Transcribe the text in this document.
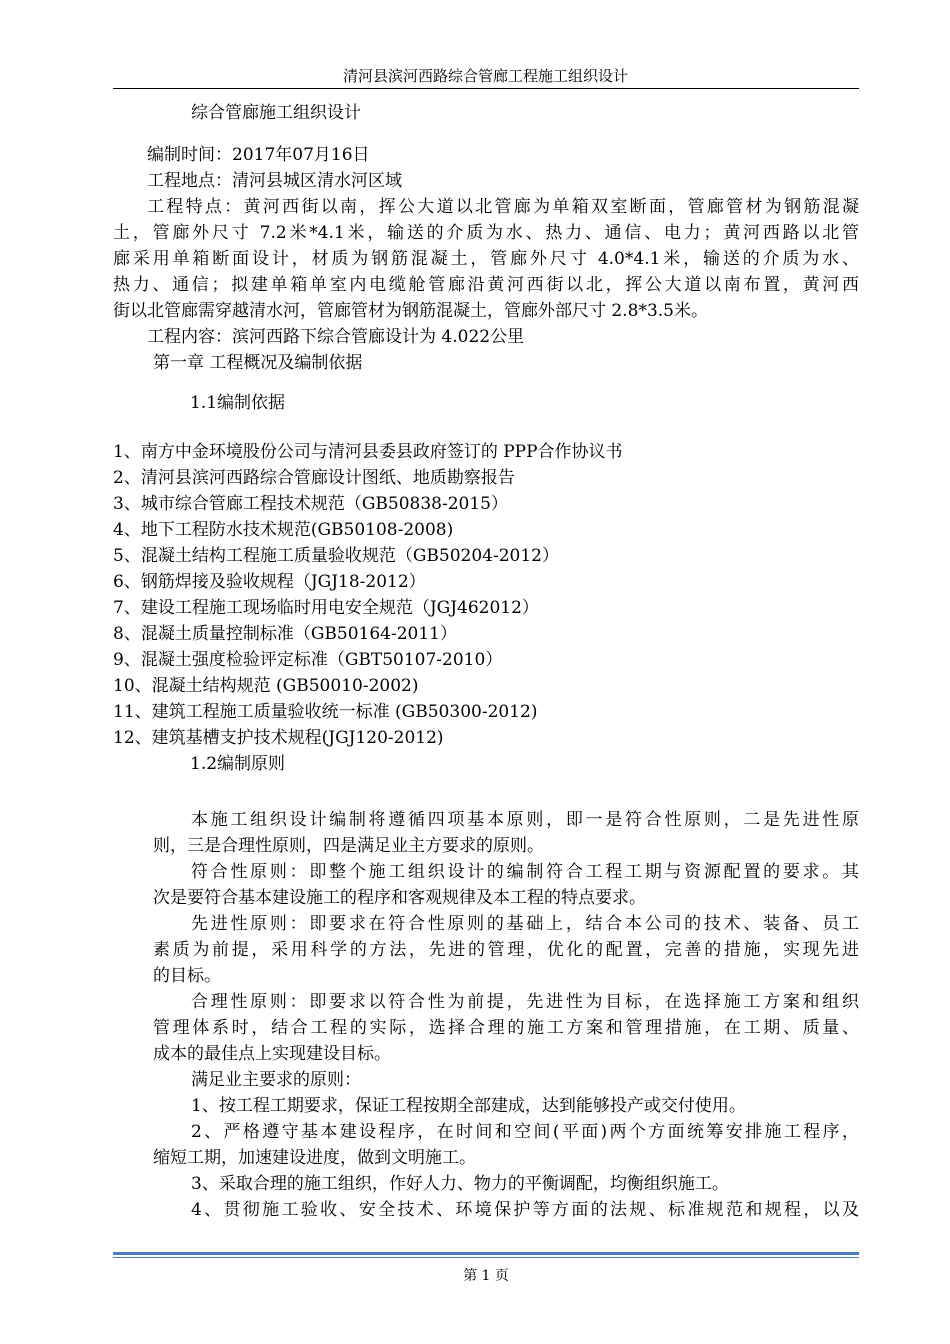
清河县滨河西路综合管廊工程施工组织设计
综合管廊施工组织设计
编制时间：2017年07月16日
工程地点：清河县城区清水河区域
工程特点：黄河西街以南，挥公大道以北管廊为单箱双室断面，管廊管材为钢筋混凝
土，管廊外尺寸 7.2米*4.1米，输送的介质为水、热力、通信、电力；黄河西路以北管
廊采用单箱断面设计，材质为钢筋混凝土，管廊外尺寸 4.0*4.1米，输送的介质为水、
热力、通信；拟建单箱单室内电缆舱管廊沿黄河西街以北，挥公大道以南布置，黄河西
街以北管廊需穿越清水河，管廊管材为钢筋混凝土，管廊外部尺寸 2.8*3.5米。
工程内容：滨河西路下综合管廊设计为 4.022公里
第一章 工程概况及编制依据
1.1编制依据
1、南方中金环境股份公司与清河县委县政府签订的 PPP合作协议书
2、清河县滨河西路综合管廊设计图纸、地质勘察报告
3、城市综合管廊工程技术规范（GB50838-2015）
4、地下工程防水技术规范(GB50108-2008)
5、混凝土结构工程施工质量验收规范（GB50204-2012）
6、钢筋焊接及验收规程（JGJ18-2012）
7、建设工程施工现场临时用电安全规范（JGJ462012）
8、混凝土质量控制标准（GB50164-2011）
9、混凝土强度检验评定标准（GBT50107-2010）
10、混凝土结构规范 (GB50010-2002)
11、建筑工程施工质量验收统一标准 (GB50300-2012)
12、建筑基槽支护技术规程(JGJ120-2012)
1.2编制原则
本施工组织设计编制将遵循四项基本原则，即一是符合性原则，二是先进性原
则，三是合理性原则，四是满足业主方要求的原则。
符合性原则：即整个施工组织设计的编制符合工程工期与资源配置的要求。其
次是要符合基本建设施工的程序和客观规律及本工程的特点要求。
先进性原则：即要求在符合性原则的基础上，结合本公司的技术、装备、员工
素质为前提，采用科学的方法，先进的管理，优化的配置，完善的措施，实现先进
的目标。
合理性原则：即要求以符合性为前提，先进性为目标，在选择施工方案和组织
管理体系时，结合工程的实际，选择合理的施工方案和管理措施，在工期、质量、
成本的最佳点上实现建设目标。
满足业主要求的原则：
1、按工程工期要求，保证工程按期全部建成，达到能够投产或交付使用。
2、严格遵守基本建设程序，在时间和空间(平面)两个方面统筹安排施工程序，
缩短工期，加速建设进度，做到文明施工。
3、采取合理的施工组织，作好人力、物力的平衡调配，均衡组织施工。
4、贯彻施工验收、安全技术、环境保护等方面的法规、标准规范和规程，以及
第 1 页
